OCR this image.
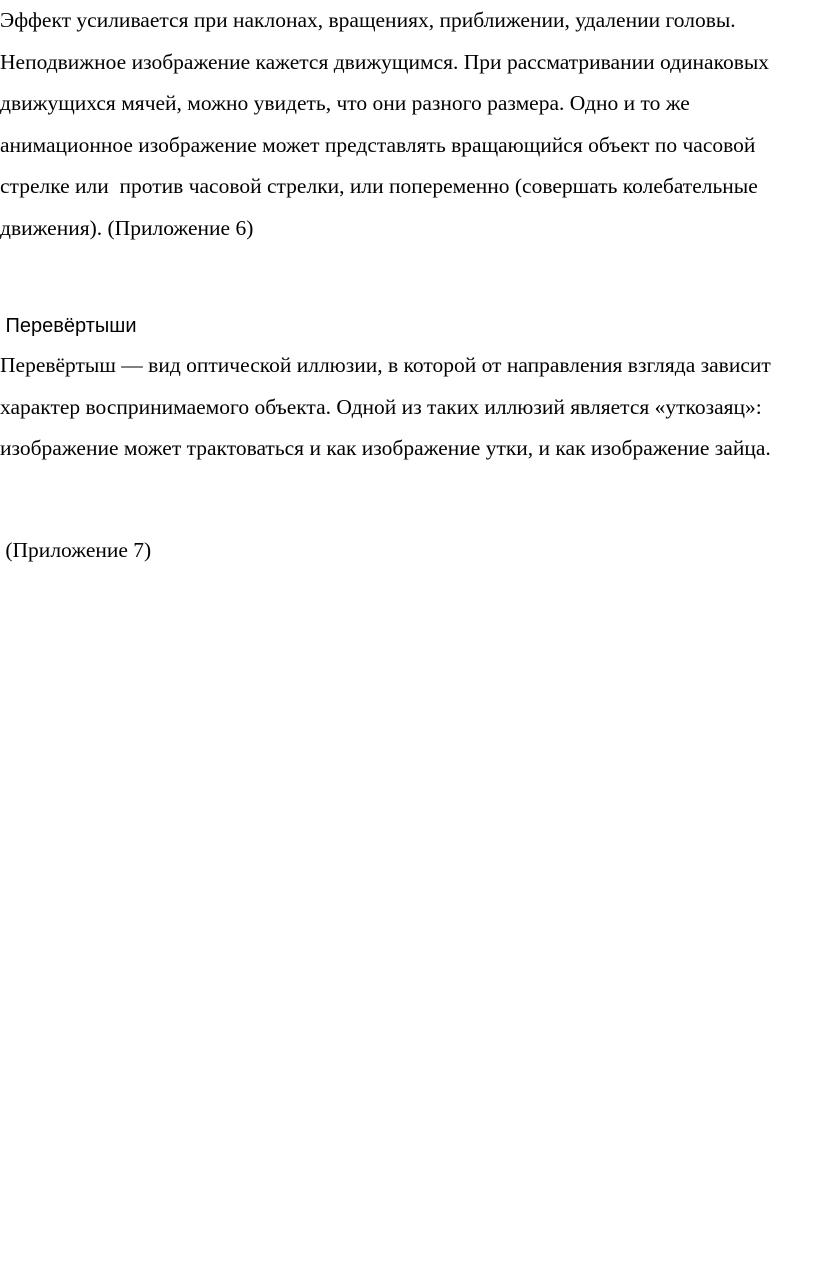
Эффект усиливается при наклонах, вращениях, приближении, удалении головы. Неподвижное изображение кажется движущимся. При рассматривании одинаковых движущихся мячей, можно увидеть, что они разного размера. Одно и то же анимационное изображение может представлять вращающийся объект по часовой стрелке или  против часовой стрелки, или попеременно (совершать колебательные движения). (Приложение 6)

Перевёртыши

Перевёртыш — вид оптической иллюзии, в которой от направления взгляда зависит характер воспринимаемого объекта. Одной из таких иллюзий является «уткозаяц»: изображение может трактоваться и как изображение утки, и как изображение зайца.

(Приложение 7)
